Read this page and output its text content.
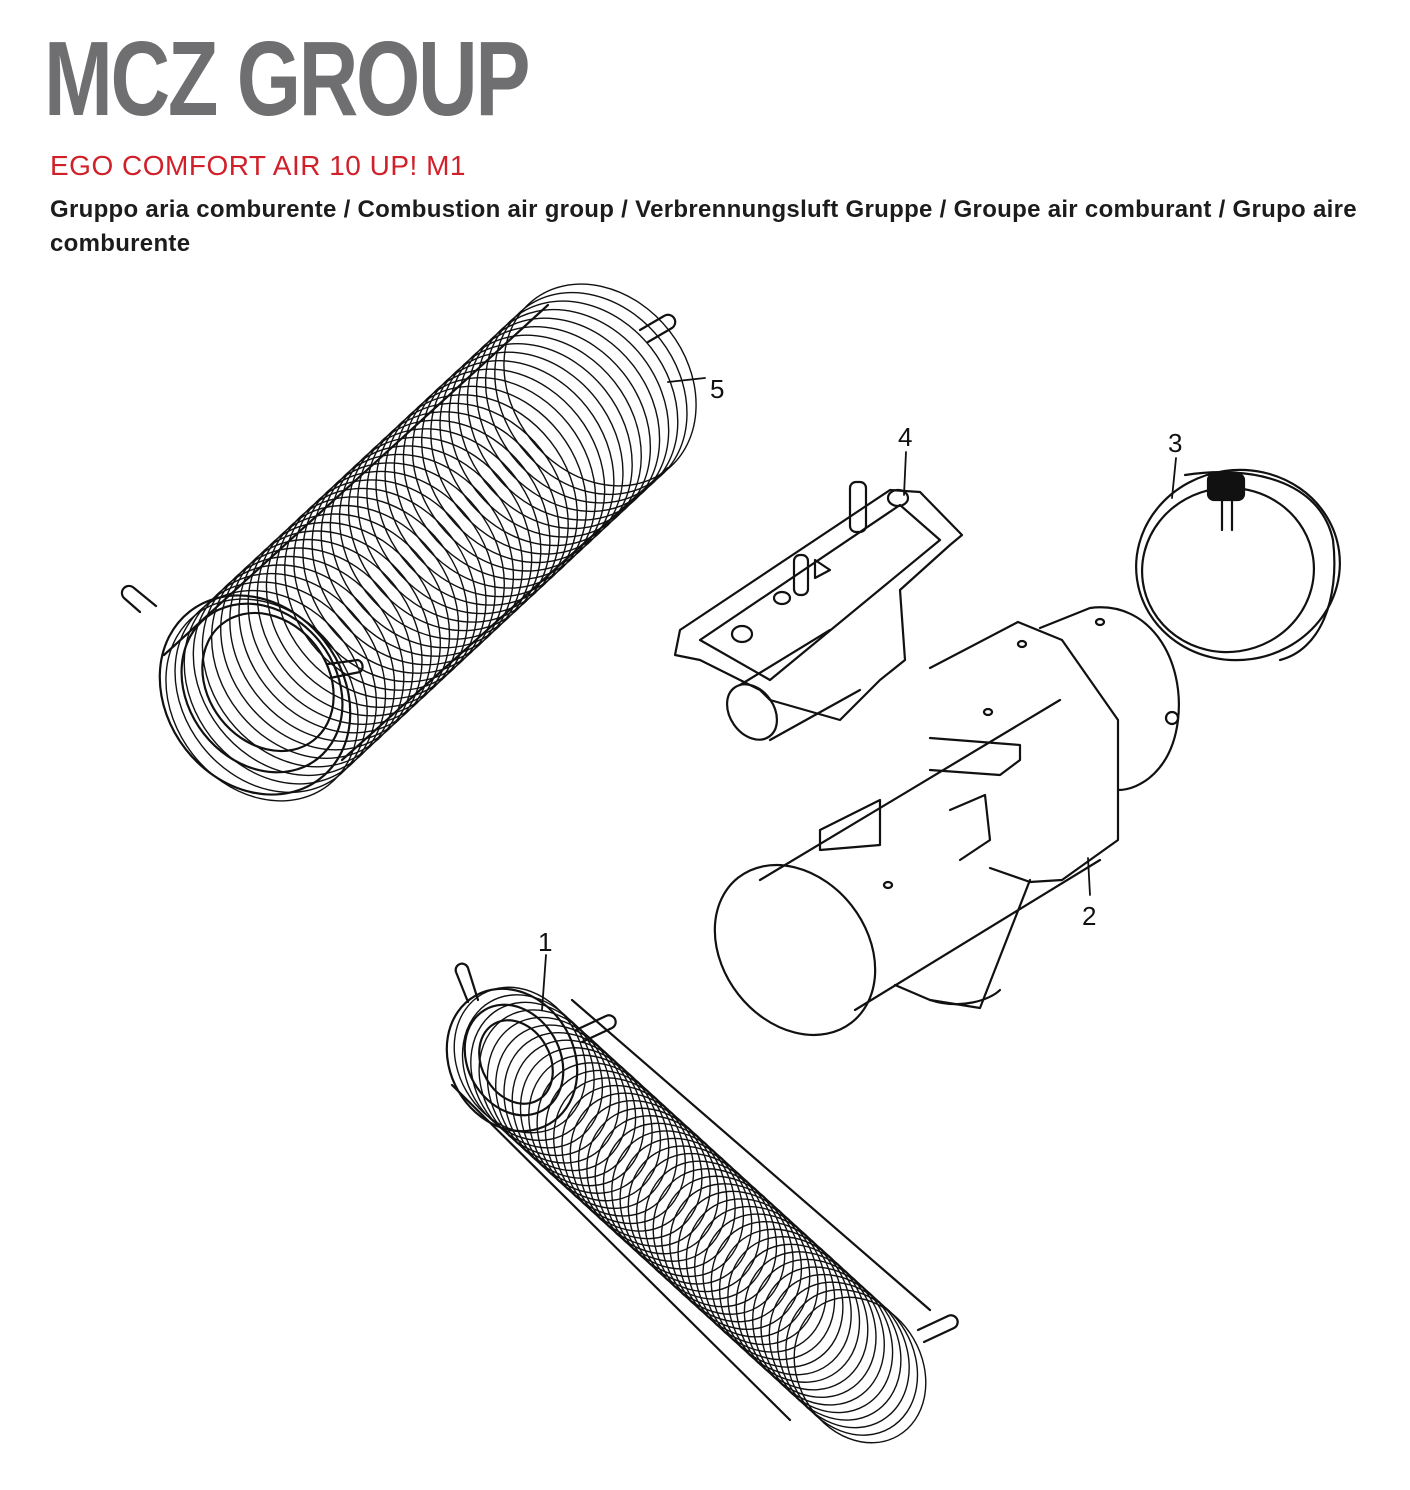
MCZ GROUP
EGO COMFORT AIR 10 UP! M1
Gruppo aria comburente / Combustion air group / Verbrennungsluft Gruppe / Groupe air comburant / Grupo aire comburente
1
2
3
4
5
